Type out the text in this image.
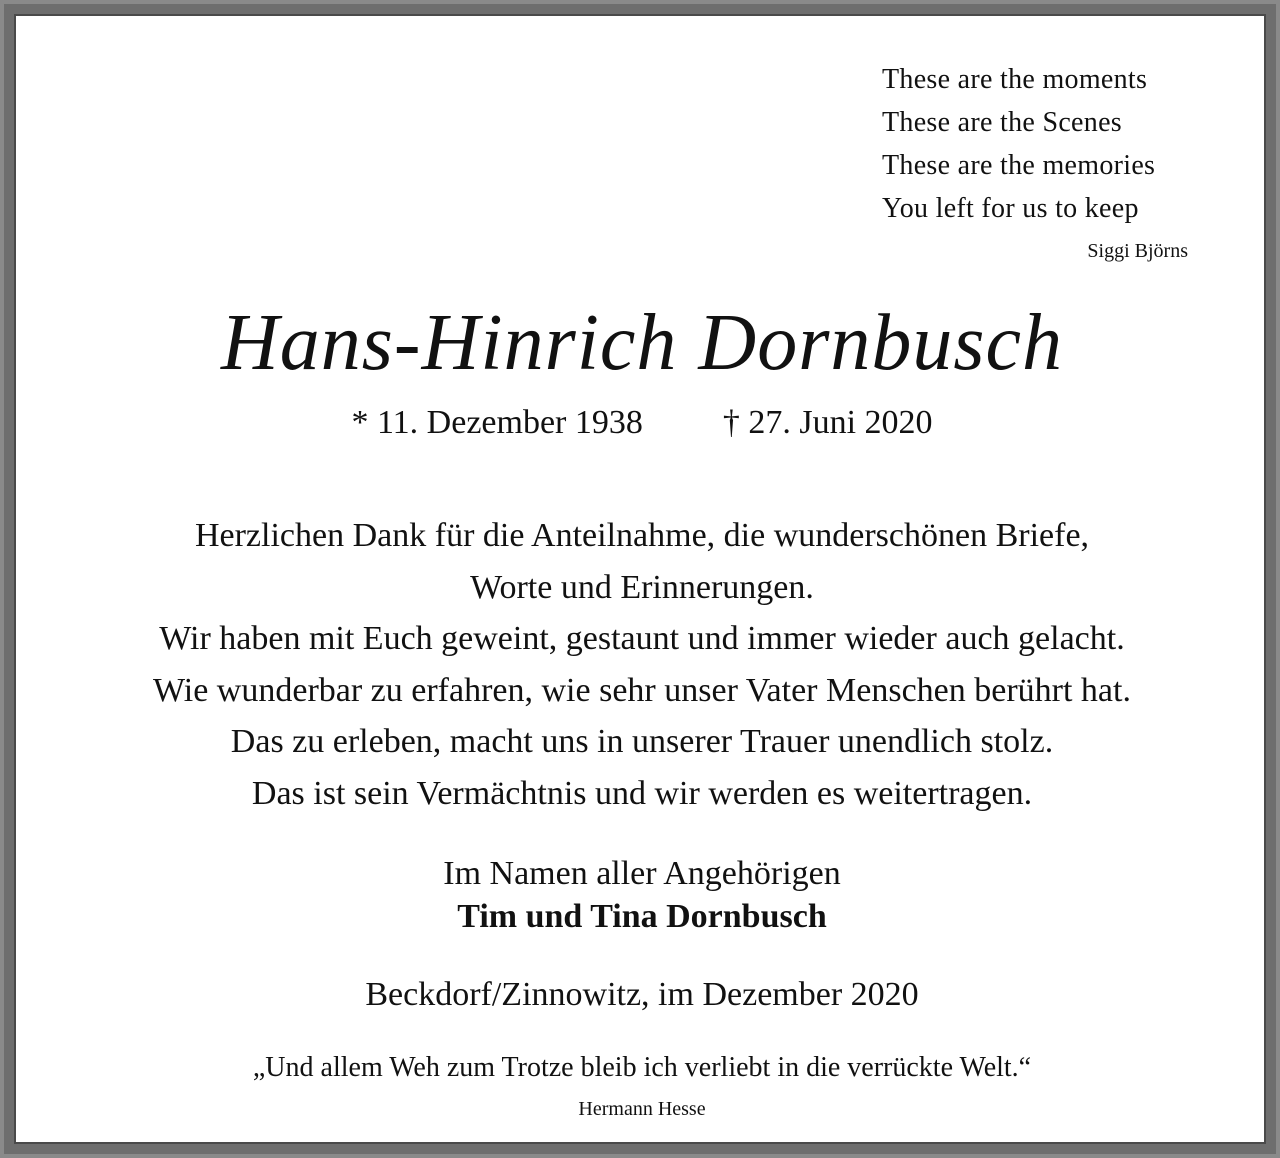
These are the moments
These are the Scenes
These are the memories
You left for us to keep
Siggi Björns
Hans-Hinrich Dornbusch
* 11. Dezember 1938 † 27. Juni 2020
Herzlichen Dank für die Anteilnahme, die wunderschönen Briefe,
Worte und Erinnerungen.
Wir haben mit Euch geweint, gestaunt und immer wieder auch gelacht.
Wie wunderbar zu erfahren, wie sehr unser Vater Menschen berührt hat.
Das zu erleben, macht uns in unserer Trauer unendlich stolz.
Das ist sein Vermächtnis und wir werden es weitertragen.
Im Namen aller Angehörigen
Tim und Tina Dornbusch
Beckdorf/Zinnowitz, im Dezember 2020
„Und allem Weh zum Trotze bleib ich verliebt in die verrückte Welt.“
Hermann Hesse
